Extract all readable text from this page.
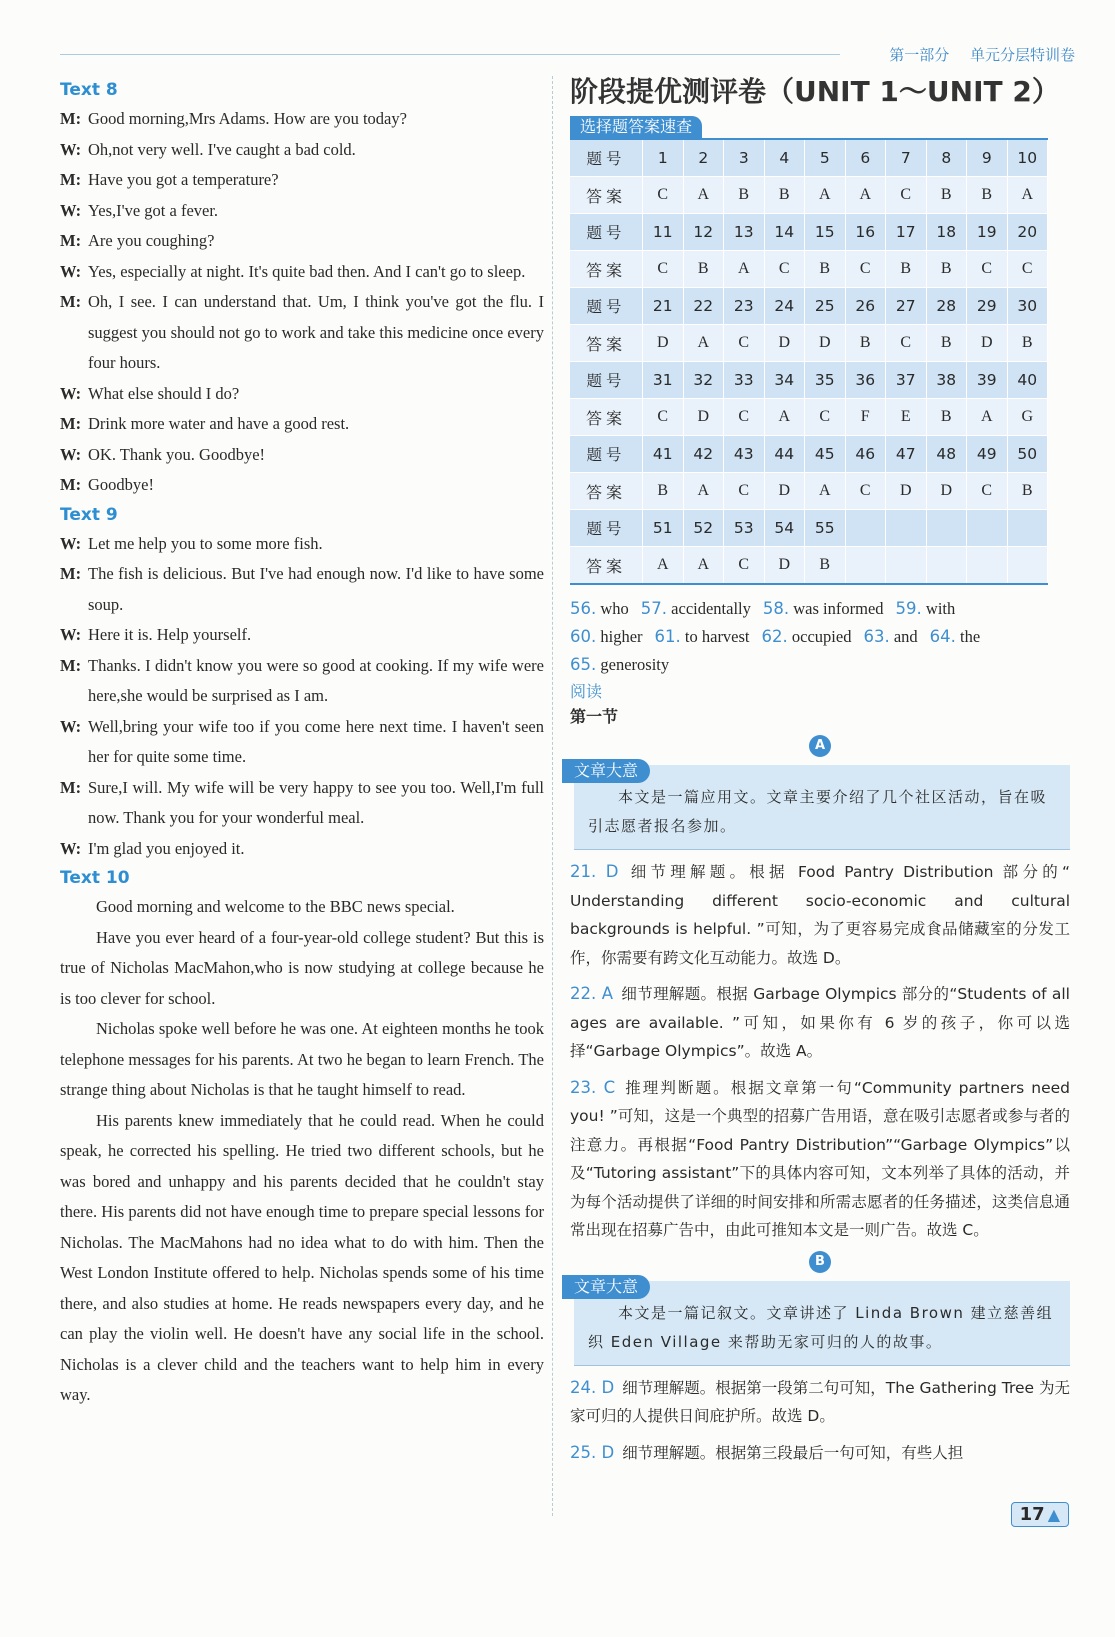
第一部分 单元分层特训卷
Text 8
M: Good morning,Mrs Adams. How are you today?
W: Oh,not very well. I've caught a bad cold.
M: Have you got a temperature?
W: Yes,I've got a fever.
M: Are you coughing?
W: Yes, especially at night. It's quite bad then. And I can't go to sleep.
M: Oh, I see. I can understand that. Um, I think you've got the flu. I suggest you should not go to work and take this medicine once every four hours.
W: What else should I do?
M: Drink more water and have a good rest.
W: OK. Thank you. Goodbye!
M: Goodbye!
Text 9
W: Let me help you to some more fish.
M: The fish is delicious. But I've had enough now. I'd like to have some soup.
W: Here it is. Help yourself.
M: Thanks. I didn't know you were so good at cooking. If my wife were here,she would be surprised as I am.
W: Well,bring your wife too if you come here next time. I haven't seen her for quite some time.
M: Sure,I will. My wife will be very happy to see you too. Well,I'm full now. Thank you for your wonderful meal.
W: I'm glad you enjoyed it.
Text 10

Good morning and welcome to the BBC news special.

Have you ever heard of a four-year-old college student? But this is true of Nicholas MacMahon,who is now studying at college because he is too clever for school.

Nicholas spoke well before he was one. At eighteen months he took telephone messages for his parents. At two he began to learn French. The strange thing about Nicholas is that he taught himself to read.

His parents knew immediately that he could read. When he could speak, he corrected his spelling. He tried two different schools, but he was bored and unhappy and his parents decided that he couldn't stay there. His parents did not have enough time to prepare special lessons for Nicholas. The MacMahons had no idea what to do with him. Then the West London Institute offered to help. Nicholas spends some of his time there, and also studies at home. He reads newspapers every day, and he can play the violin well. He doesn't have any social life in the school. Nicholas is a clever child and the teachers want to help him in every way.

阶段提优测评卷（UNIT 1～UNIT 2）
选择题答案速查
题号	1	2	3	4	5	6	7	8	9	10
答案	C	A	B	B	A	A	C	B	B	A
题号	11	12	13	14	15	16	17	18	19	20
答案	C	B	A	C	B	C	B	B	C	C
题号	21	22	23	24	25	26	27	28	29	30
答案	D	A	C	D	D	B	C	B	D	B
题号	31	32	33	34	35	36	37	38	39	40
答案	C	D	C	A	C	F	E	B	A	G
题号	41	42	43	44	45	46	47	48	49	50
答案	B	A	C	D	A	C	D	D	C	B
题号	51	52	53	54	55					
答案	A	A	C	D	B					
56. who 57. accidentally 58. was informed 59. with
60. higher 61. to harvest 62. occupied 63. and 64. the
65. generosity
阅读
第一节
A
文章大意
本文是一篇应用文。文章主要介绍了几个社区活动，旨在吸引志愿者报名参加。
21. D 细节理解题。根据 Food Pantry Distribution 部分的“ Understanding different socio-economic and cultural backgrounds is helpful. ”可知，为了更容易完成食品储藏室的分发工作，你需要有跨文化互动能力。故选 D。
22. A 细节理解题。根据 Garbage Olympics 部分的“Students of all ages are available. ”可知，如果你有 6 岁的孩子，你可以选择“Garbage Olympics”。故选 A。
23. C 推理判断题。根据文章第一句“Community partners need you! ”可知，这是一个典型的招募广告用语，意在吸引志愿者或参与者的注意力。再根据“Food Pantry Distribution”“Garbage Olympics”以及“Tutoring assistant”下的具体内容可知，文本列举了具体的活动，并为每个活动提供了详细的时间安排和所需志愿者的任务描述，这类信息通常出现在招募广告中，由此可推知本文是一则广告。故选 C。
B
文章大意
本文是一篇记叙文。文章讲述了 Linda Brown 建立慈善组织 Eden Village 来帮助无家可归的人的故事。
24. D 细节理解题。根据第一段第二句可知，The Gathering Tree 为无家可归的人提供日间庇护所。故选 D。
25. D 细节理解题。根据第三段最后一句可知，有些人担
17 ▲
